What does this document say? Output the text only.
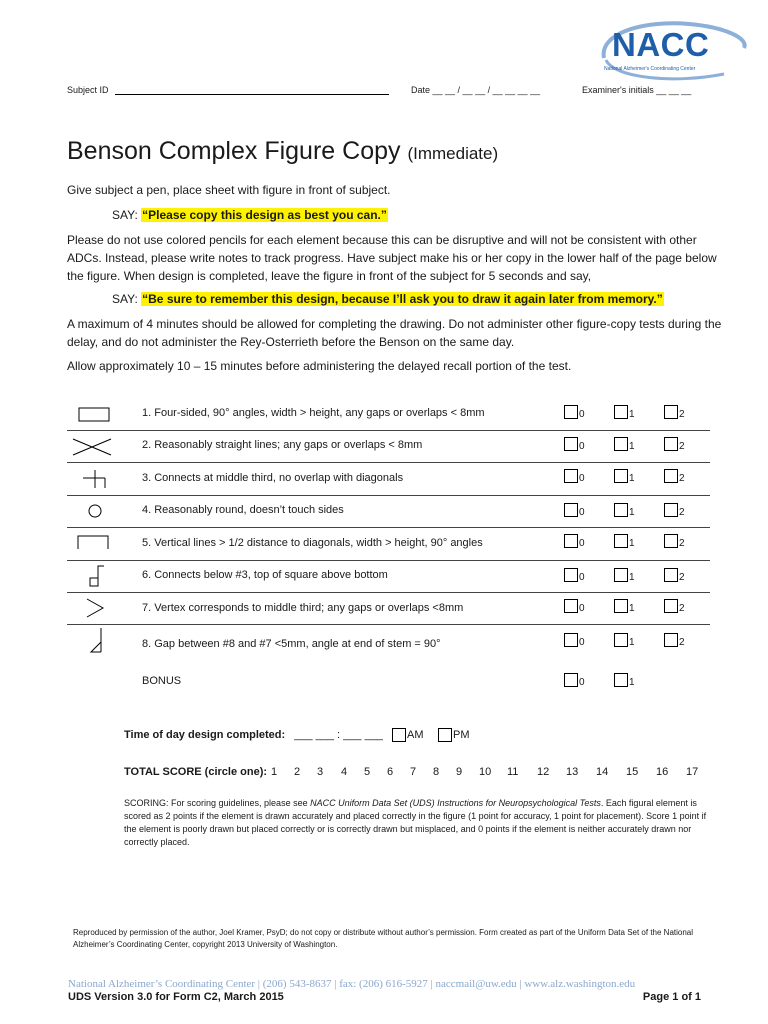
NACC
National Alzheimer's Coordinating Center
Subject ID	Date __ __ / __ __ / __ __ __ __	Examiner's initials __ __ __
Benson Complex Figure Copy (Immediate)
Give subject a pen, place sheet with figure in front of subject.
SAY: “Please copy this design as best you can.”
Please do not use colored pencils for each element because this can be disruptive and will not be consistent with other ADCs. Instead, please write notes to track progress. Have subject make his or her copy in the lower half of the page below the figure. When design is completed, leave the figure in front of the subject for 5 seconds and say,
SAY: “Be sure to remember this design, because I’ll ask you to draw it again later from memory.”
A maximum of 4 minutes should be allowed for completing the drawing. Do not administer other figure-copy tests during the delay, and do not administer the Rey-Osterrieth before the Benson on the same day.
Allow approximately 10 – 15 minutes before administering the delayed recall portion of the test.
1. Four-sided, 90° angles, width > height, any gaps or overlaps < 8mm	0	1	2
2. Reasonably straight lines; any gaps or overlaps < 8mm	0	1	2
3. Connects at middle third, no overlap with diagonals	0	1	2
4. Reasonably round, doesn’t touch sides	0	1	2
5. Vertical lines > 1/2 distance to diagonals, width > height, 90° angles	0	1	2
6. Connects below #3, top of square above bottom	0	1	2
7. Vertex corresponds to middle third; any gaps or overlaps <8mm	0	1	2
8. Gap between #8 and #7 <5mm, angle at end of stem = 90°	0	1	2
BONUS	0	1
Time of day design completed: ___ ___ : ___ ___ AM	PM
TOTAL SCORE (circle one): 1 2 3 4 5 6 7 8 9 10 11 12 13 14 15 16 17
SCORING: For scoring guidelines, please see NACC Uniform Data Set (UDS) Instructions for Neuropsychological Tests. Each figural element is scored as 2 points if the element is drawn accurately and placed correctly in the figure (1 point for accuracy, 1 point for placement). Score 1 point if the element is poorly drawn but placed correctly or is correctly drawn but misplaced, and 0 points if the element is neither accurately drawn nor correctly placed.
Reproduced by permission of the author, Joel Kramer, PsyD; do not copy or distribute without author’s permission. Form created as part of the Uniform Data Set of the National Alzheimer’s Coordinating Center, copyright 2013 University of Washington.
National Alzheimer’s Coordinating Center | (206) 543-8637 | fax: (206) 616-5927 | naccmail@uw.edu | www.alz.washington.edu
UDS Version 3.0 for Form C2, March 2015	Page 1 of 1
